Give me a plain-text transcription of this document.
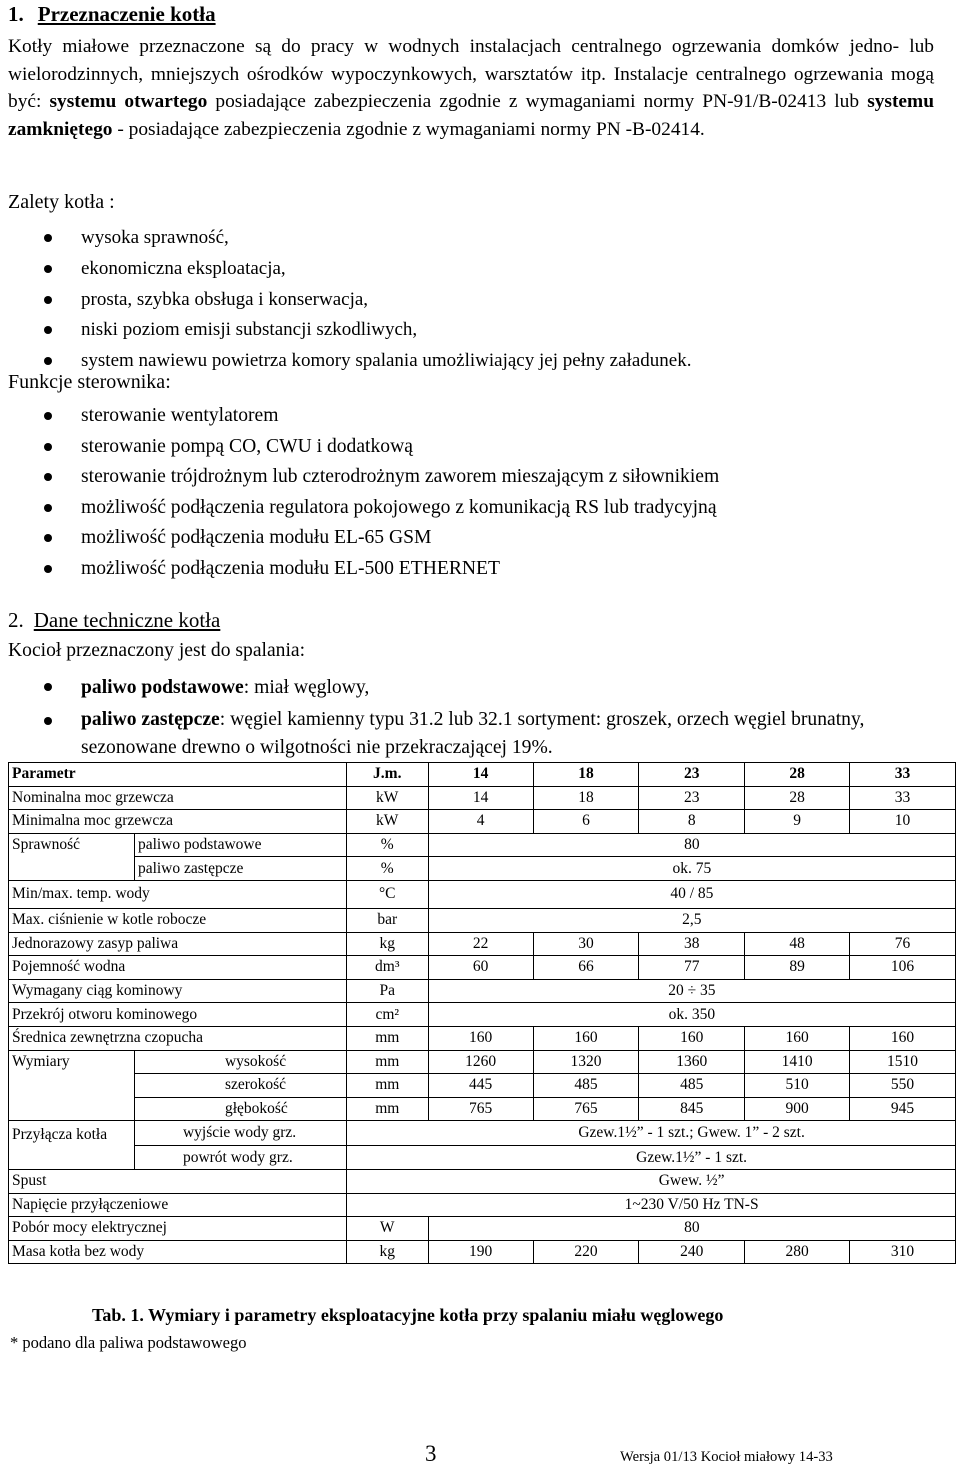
1. Przeznaczenie kotła
Kotły miałowe przeznaczone są do pracy w wodnych instalacjach centralnego ogrzewania domków jedno- lub wielorodzinnych, mniejszych ośrodków wypoczynkowych, warsztatów itp. Instalacje centralnego ogrzewania mogą być: systemu otwartego posiadające zabezpieczenia zgodnie z wymaganiami normy PN-91/B-02413 lub systemu zamkniętego - posiadające zabezpieczenia zgodnie z wymaganiami normy PN -B-02414.
Zalety kotła :
wysoka sprawność,
ekonomiczna eksploatacja,
prosta, szybka obsługa i konserwacja,
niski poziom emisji substancji szkodliwych,
system nawiewu powietrza komory spalania umożliwiający jej pełny załadunek.
Funkcje sterownika:
sterowanie wentylatorem
sterowanie pompą CO, CWU i dodatkową
sterowanie trójdrożnym lub czterodrożnym zaworem mieszającym z siłownikiem
możliwość podłączenia regulatora pokojowego z komunikacją RS lub tradycyjną
możliwość podłączenia modułu EL-65 GSM
możliwość podłączenia modułu EL-500 ETHERNET
2. Dane techniczne kotła
Kocioł przeznaczony jest do spalania:
paliwo podstawowe: miał węglowy,
paliwo zastępcze: węgiel kamienny typu 31.2 lub 32.1 sortyment: groszek, orzech węgiel brunatny, sezonowane drewno o wilgotności nie przekraczającej 19%.
Parametr		J.m.	14	18	23	28	33
Nominalna moc grzewcza		kW	14	18	23	28	33
Minimalna moc grzewcza		kW	4	6	8	9	10
Sprawność	paliwo podstawowe	%	80				
	paliwo zastępcze	%	ok. 75				
Min/max. temp. wody		°C	40 / 85				
Max. ciśnienie w kotle robocze		bar	2,5				
Jednorazowy zasyp paliwa		kg	22	30	38	48	76
Pojemność wodna		dm³	60	66	77	89	106
Wymagany ciąg kominowy		Pa	20 ÷ 35				
Przekrój otworu kominowego		cm²	ok. 350				
Średnica zewnętrzna czopucha		mm	160	160	160	160	160
Wymiary	wysokość	mm	1260	1320	1360	1410	1510
	szerokość	mm	445	485	485	510	550
	głębokość	mm	765	765	845	900	945
Przyłącza kotła	wyjście wody grz.		Gzew.1½” - 1 szt.; Gwew. 1” - 2 szt.				
	powrót wody grz.		Gzew.1½” - 1 szt.				
Spust			Gwew. ½”				
Napięcie przyłączeniowe			1~230 V/50 Hz TN-S				
Pobór mocy elektrycznej		W	80				
Masa kotła bez wody		kg	190	220	240	280	310
Tab. 1. Wymiary i parametry eksploatacyjne kotła przy spalaniu miału węglowego
* podano dla paliwa podstawowego
3	Wersja 01/13 Kocioł miałowy 14-33
